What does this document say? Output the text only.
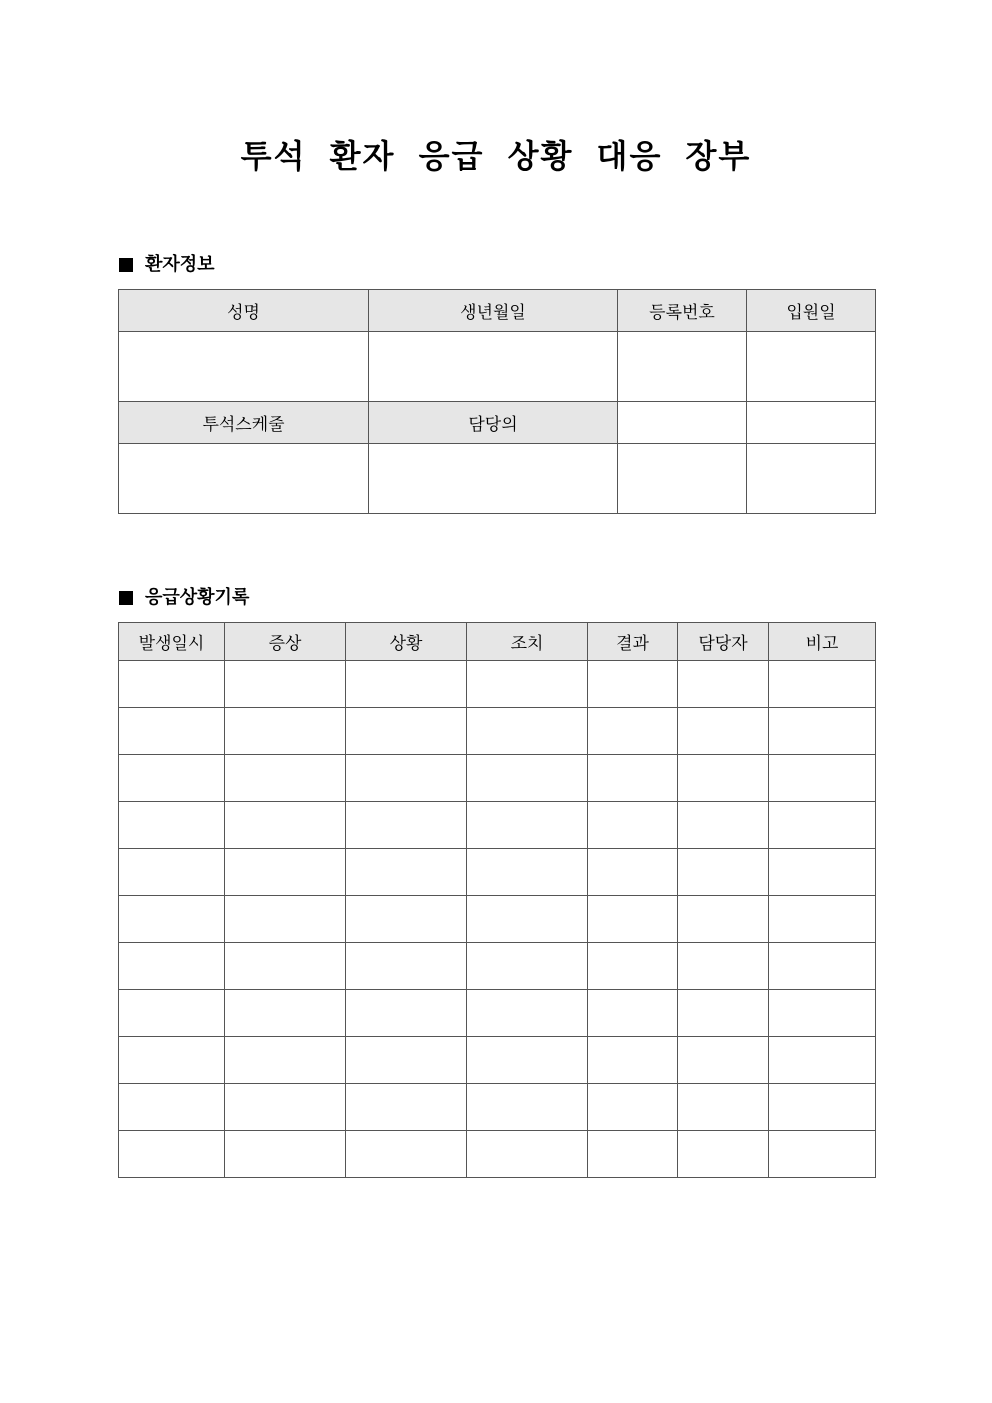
투석 환자 응급 상황 대응 장부
환자정보
성명	생년월일	등록번호	입원일

투석스케줄	담당의		

응급상황기록
발생일시	증상	상황	조치	결과	담당자	비고
